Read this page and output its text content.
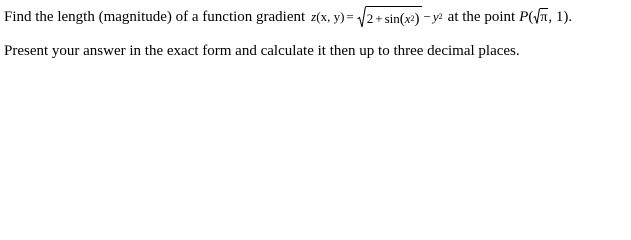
Find the length (magnitude) of a function gradient z (x, y) = 2 + sin ( x 2 ) − y 2 at the point P ( π , 1).
Present your answer in the exact form and calculate it then up to three decimal places.
